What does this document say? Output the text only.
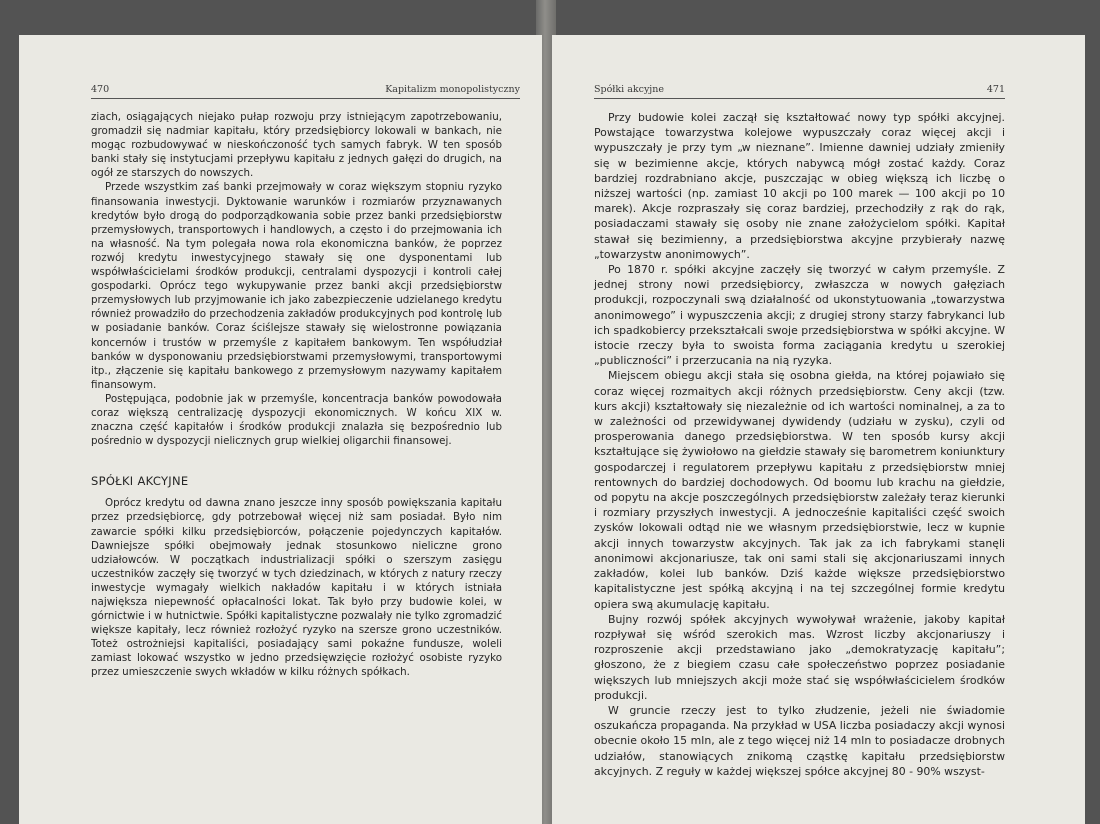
470	Kapitalizm monopolistyczny

ziach, osiągających niejako pułap rozwoju przy istniejącym zapotrzebowaniu, gromadził się nadmiar kapitału, który przedsiębiorcy lokowali w bankach, nie mogąc rozbudowywać w nieskończoność tych samych fabryk. W ten sposób banki stały się instytucjami przepływu kapitału z jednych gałęzi do drugich, na ogół ze starszych do nowszych.

Przede wszystkim zaś banki przejmowały w coraz większym stopniu ryzyko finansowania inwestycji. Dyktowanie warunków i rozmiarów przyznawanych kredytów było drogą do podporządkowania sobie przez banki przedsiębiorstw przemysłowych, transportowych i handlowych, a często i do przejmowania ich na własność. Na tym polegała nowa rola ekonomiczna banków, że poprzez rozwój kredytu inwestycyjnego stawały się one dysponentami lub współwłaścicielami środków produkcji, centralami dyspozycji i kontroli całej gospodarki. Oprócz tego wykupywanie przez banki akcji przedsiębiorstw przemysłowych lub przyjmowanie ich jako zabezpieczenie udzielanego kredytu również prowadziło do przechodzenia zakładów produkcyjnych pod kontrolę lub w posiadanie banków. Coraz ściślejsze stawały się wielostronne powiązania koncernów i trustów w przemyśle z kapitałem bankowym. Ten współudział banków w dysponowaniu przedsiębiorstwami przemysłowymi, transportowymi itp., złączenie się kapitału bankowego z przemysłowym nazywamy kapitałem finansowym.

Postępująca, podobnie jak w przemyśle, koncentracja banków powodowała coraz większą centralizację dyspozycji ekonomicznych. W końcu XIX w. znaczna część kapitałów i środków produkcji znalazła się bezpośrednio lub pośrednio w dyspozycji nielicznych grup wielkiej oligarchii finansowej.

SPÓŁKI AKCYJNE

Oprócz kredytu od dawna znano jeszcze inny sposób powiększania kapitału przez przedsiębiorcę, gdy potrzebował więcej niż sam posiadał. Było nim zawarcie spółki kilku przedsiębiorców, połączenie pojedynczych kapitałów. Dawniejsze spółki obejmowały jednak stosunkowo nieliczne grono udziałowców. W początkach industrializacji spółki o szerszym zasięgu uczestników zaczęły się tworzyć w tych dziedzinach, w których z natury rzeczy inwestycje wymagały wielkich nakładów kapitału i w których istniała największa niepewność opłacalności lokat. Tak było przy budowie kolei, w górnictwie i w hutnictwie. Spółki kapitalistyczne pozwalały nie tylko zgromadzić większe kapitały, lecz również rozłożyć ryzyko na szersze grono uczestników. Toteż ostrożniejsi kapitaliści, posiadający sami pokaźne fundusze, woleli zamiast lokować wszystko w jedno przedsięwzięcie rozłożyć osobiste ryzyko przez umieszczenie swych wkładów w kilku różnych spółkach.

Spółki akcyjne	471

Przy budowie kolei zaczął się kształtować nowy typ spółki akcyjnej. Powstające towarzystwa kolejowe wypuszczały coraz więcej akcji i wypuszczały je przy tym „w nieznane”. Imienne dawniej udziały zmieniły się w bezimienne akcje, których nabywcą mógł zostać każdy. Coraz bardziej rozdrabniano akcje, puszczając w obieg większą ich liczbę o niższej wartości (np. zamiast 10 akcji po 100 marek — 100 akcji po 10 marek). Akcje rozpraszały się coraz bardziej, przechodziły z rąk do rąk, posiadaczami stawały się osoby nie znane założycielom spółki. Kapitał stawał się bezimienny, a przedsiębiorstwa akcyjne przybierały nazwę „towarzystw anonimowych”.

Po 1870 r. spółki akcyjne zaczęły się tworzyć w całym przemyśle. Z jednej strony nowi przedsiębiorcy, zwłaszcza w nowych gałęziach produkcji, rozpoczynali swą działalność od ukonstytuowania „towarzystwa anonimowego” i wypuszczenia akcji; z drugiej strony starzy fabrykanci lub ich spadkobiercy przekształcali swoje przedsiębiorstwa w spółki akcyjne. W istocie rzeczy była to swoista forma zaciągania kredytu u szerokiej „publiczności” i przerzucania na nią ryzyka.

Miejscem obiegu akcji stała się osobna giełda, na której pojawiało się coraz więcej rozmaitych akcji różnych przedsiębiorstw. Ceny akcji (tzw. kurs akcji) kształtowały się niezależnie od ich wartości nominalnej, a za to w zależności od przewidywanej dywidendy (udziału w zysku), czyli od prosperowania danego przedsiębiorstwa. W ten sposób kursy akcji kształtujące się żywiołowo na giełdzie stawały się barometrem koniunktury gospodarczej i regulatorem przepływu kapitału z przedsiębiorstw mniej rentownych do bardziej dochodowych. Od boomu lub krachu na giełdzie, od popytu na akcje poszczególnych przedsiębiorstw zależały teraz kierunki i rozmiary przyszłych inwestycji. A jednocześnie kapitaliści część swoich zysków lokowali odtąd nie we własnym przedsiębiorstwie, lecz w kupnie akcji innych towarzystw akcyjnych. Tak jak za ich fabrykami stanęli anonimowi akcjonariusze, tak oni sami stali się akcjonariuszami innych zakładów, kolei lub banków. Dziś każde większe przedsiębiorstwo kapitalistyczne jest spółką akcyjną i na tej szczególnej formie kredytu opiera swą akumulację kapitału.

Bujny rozwój spółek akcyjnych wywoływał wrażenie, jakoby kapitał rozpływał się wśród szerokich mas. Wzrost liczby akcjonariuszy i rozproszenie akcji przedstawiano jako „demokratyzację kapitału”; głoszono, że z biegiem czasu całe społeczeństwo poprzez posiadanie większych lub mniejszych akcji może stać się współwłaścicielem środków produkcji.

W gruncie rzeczy jest to tylko złudzenie, jeżeli nie świadomie oszukańcza propaganda. Na przykład w USA liczba posiadaczy akcji wynosi obecnie około 15 mln, ale z tego więcej niż 14 mln to posiadacze drobnych udziałów, stanowiących znikomą cząstkę kapitału przedsiębiorstw akcyjnych. Z reguły w każdej większej spółce akcyjnej 80 - 90% wszyst-
